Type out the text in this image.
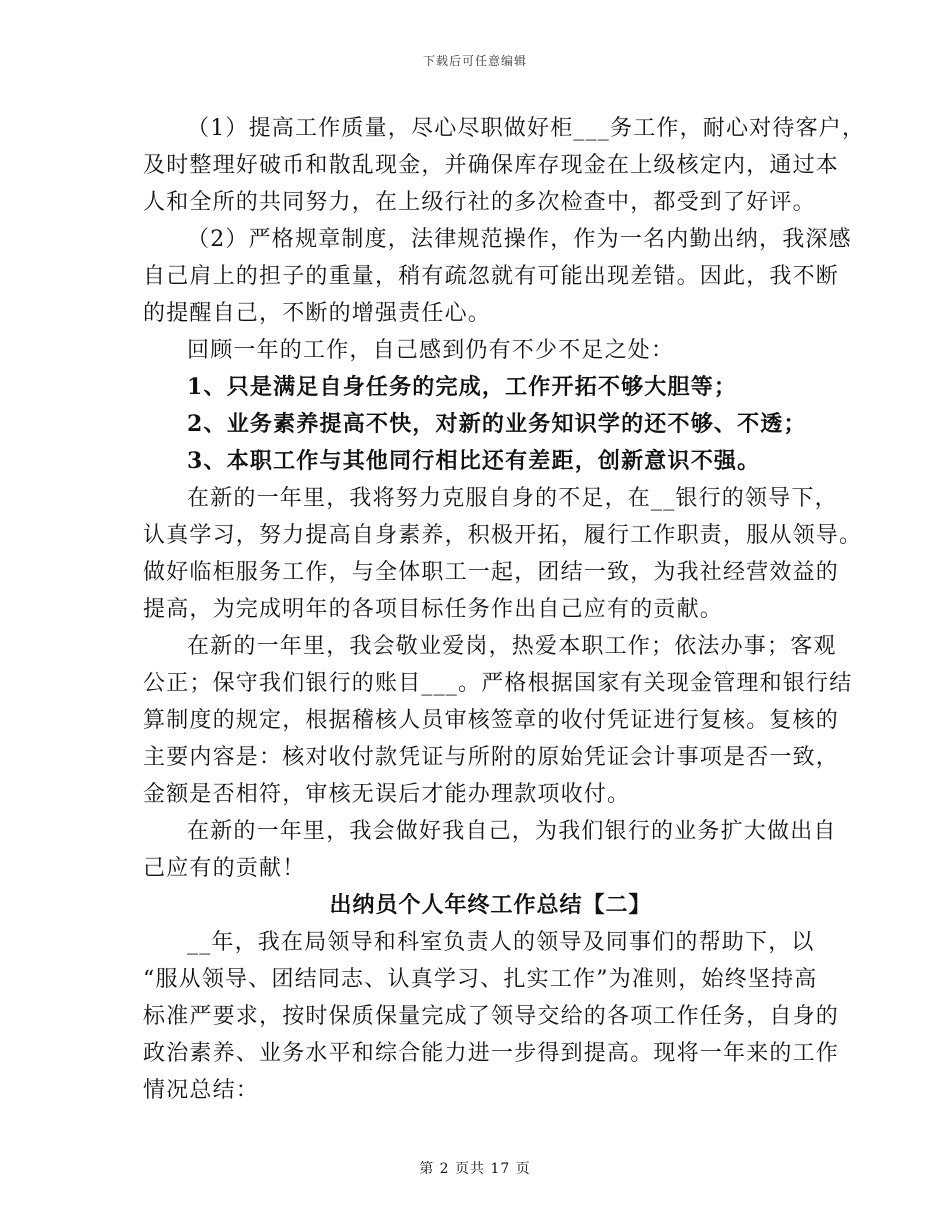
下载后可任意编辑
（1）提高工作质量，尽心尽职做好柜___务工作，耐心对待客户，
及时整理好破币和散乱现金，并确保库存现金在上级核定内，通过本
人和全所的共同努力，在上级行社的多次检查中，都受到了好评。
（2）严格规章制度，法律规范操作，作为一名内勤出纳，我深感
自己肩上的担子的重量，稍有疏忽就有可能出现差错。因此，我不断
的提醒自己，不断的增强责任心。
回顾一年的工作，自己感到仍有不少不足之处：
1、只是满足自身任务的完成，工作开拓不够大胆等；
2、业务素养提高不快，对新的业务知识学的还不够、不透；
3、本职工作与其他同行相比还有差距，创新意识不强。
在新的一年里，我将努力克服自身的不足，在__银行的领导下，
认真学习，努力提高自身素养，积极开拓，履行工作职责，服从领导。
做好临柜服务工作，与全体职工一起，团结一致，为我社经营效益的
提高，为完成明年的各项目标任务作出自己应有的贡献。
在新的一年里，我会敬业爱岗，热爱本职工作；依法办事；客观
公正；保守我们银行的账目___。严格根据国家有关现金管理和银行结
算制度的规定，根据稽核人员审核签章的收付凭证进行复核。复核的
主要内容是：核对收付款凭证与所附的原始凭证会计事项是否一致，
金额是否相符，审核无误后才能办理款项收付。
在新的一年里，我会做好我自己，为我们银行的业务扩大做出自
己应有的贡献！
出纳员个人年终工作总结【二】
__年，我在局领导和科室负责人的领导及同事们的帮助下，以
“服从领导、团结同志、认真学习、扎实工作”为准则，始终坚持高
标准严要求，按时保质保量完成了领导交给的各项工作任务，自身的
政治素养、业务水平和综合能力进一步得到提高。现将一年来的工作
情况总结：
第 2 页共 17 页
